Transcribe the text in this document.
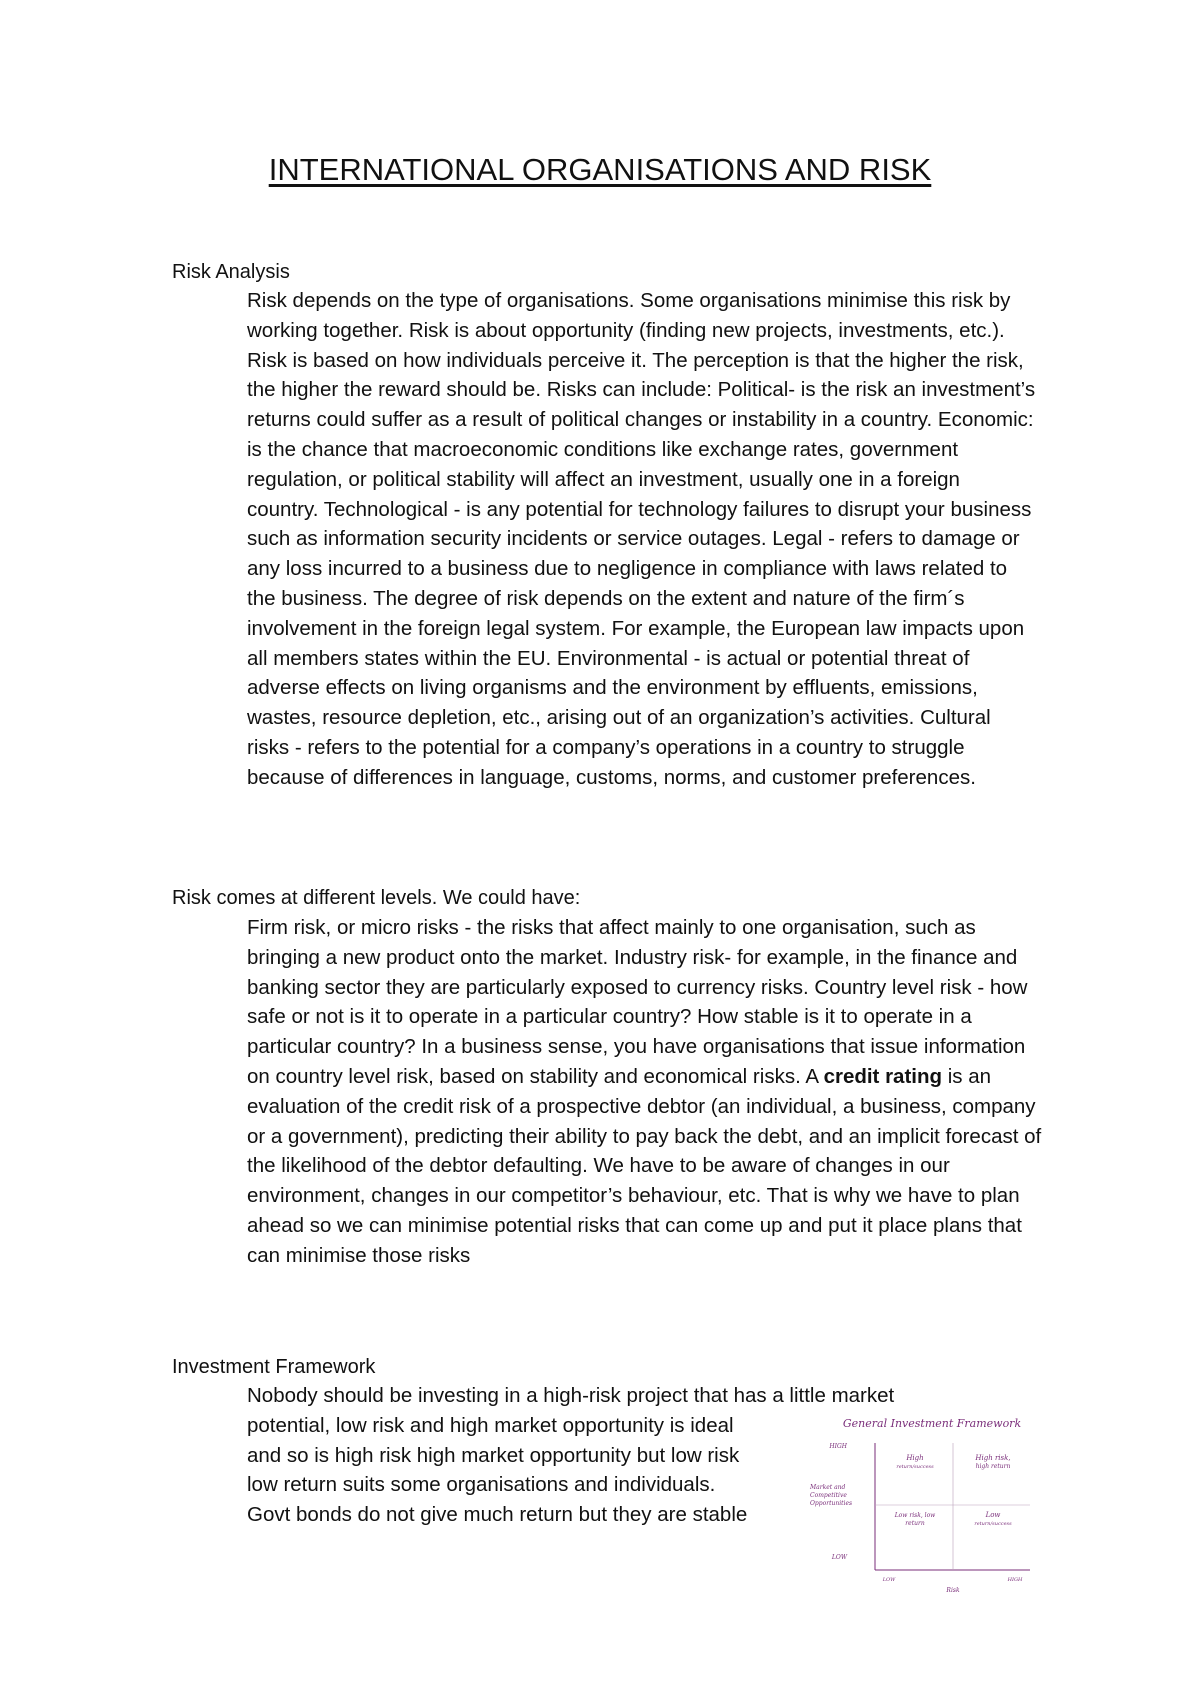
INTERNATIONAL ORGANISATIONS AND RISK
Risk Analysis

Risk depends on the type of organisations. Some organisations minimise this risk by working together. Risk is about opportunity (finding new projects, investments, etc.). Risk is based on how individuals perceive it. The perception is that the higher the risk, the higher the reward should be. Risks can include: Political- is the risk an investment’s returns could suffer as a result of political changes or instability in a country. Economic: is the chance that macroeconomic conditions like exchange rates, government regulation, or political stability will affect an investment, usually one in a foreign country. Technological - is any potential for technology failures to disrupt your business such as information security incidents or service outages. Legal - refers to damage or any loss incurred to a business due to negligence in compliance with laws related to the business. The degree of risk depends on the extent and nature of the firm´s involvement in the foreign legal system. For example, the European law impacts upon all members states within the EU. Environmental - is actual or potential threat of adverse effects on living organisms and the environment by effluents, emissions, wastes, resource depletion, etc., arising out of an organization’s activities. Cultural risks - refers to the potential for a company’s operations in a country to struggle because of differences in language, customs, norms, and customer preferences.

Risk comes at different levels. We could have:

Firm risk, or micro risks - the risks that affect mainly to one organisation, such as bringing a new product onto the market. Industry risk- for example, in the finance and banking sector they are particularly exposed to currency risks. Country level risk - how safe or not is it to operate in a particular country? How stable is it to operate in a particular country? In a business sense, you have organisations that issue information on country level risk, based on stability and economical risks. A credit rating is an evaluation of the credit risk of a prospective debtor (an individual, a business, company or a government), predicting their ability to pay back the debt, and an implicit forecast of the likelihood of the debtor defaulting. We have to be aware of changes in our environment, changes in our competitor’s behaviour, etc. That is why we have to plan ahead so we can minimise potential risks that can come up and put it place plans that can minimise those risks

Investment Framework
Nobody should be investing in a high-risk project that has a little market
potential, low risk and high market opportunity is ideal
and so is high risk high market opportunity but low risk
low return suits some organisations and individuals.
Govt bonds do not give much return but they are stable
General Investment Framework
HIGH
LOW
Market and
Competitive
Opportunities
High
return/success
High risk,
high return
Low risk, low
return
Low
return/success
LOW	HIGH
Risk
